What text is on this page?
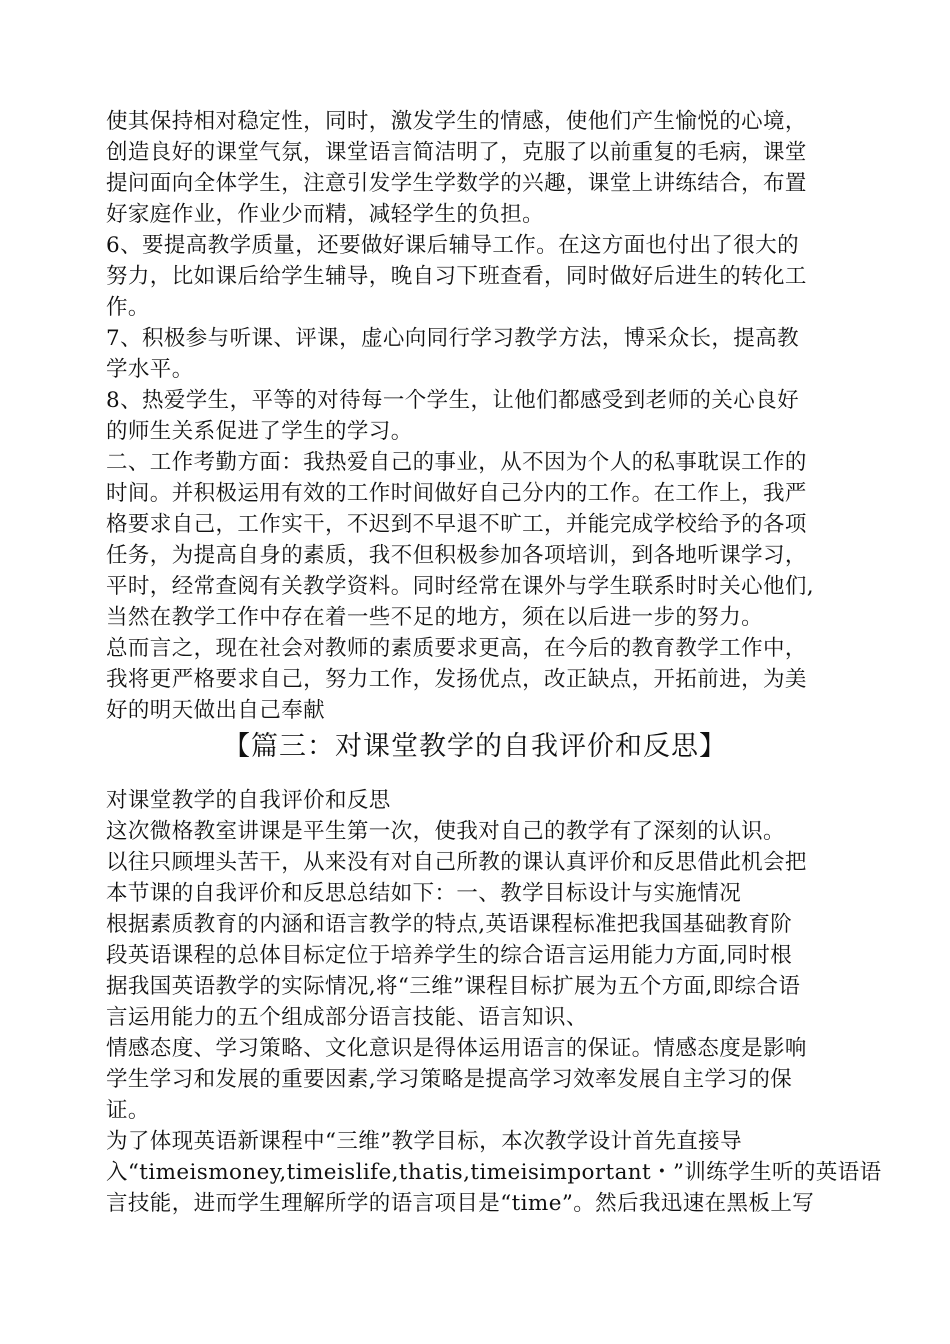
使其保持相对稳定性，同时，激发学生的情感，使他们产生愉悦的心境，
创造良好的课堂气氛，课堂语言简洁明了，克服了以前重复的毛病，课堂
提问面向全体学生，注意引发学生学数学的兴趣，课堂上讲练结合，布置
好家庭作业，作业少而精，减轻学生的负担。
6、要提高教学质量，还要做好课后辅导工作。在这方面也付出了很大的
努力，比如课后给学生辅导，晚自习下班查看，同时做好后进生的转化工
作。
7、积极参与听课、评课，虚心向同行学习教学方法，博采众长，提高教
学水平。
8、热爱学生，平等的对待每一个学生，让他们都感受到老师的关心良好
的师生关系促进了学生的学习。
二、工作考勤方面：我热爱自己的事业，从不因为个人的私事耽误工作的
时间。并积极运用有效的工作时间做好自己分内的工作。在工作上，我严
格要求自己，工作实干，不迟到不早退不旷工，并能完成学校给予的各项
任务，为提高自身的素质，我不但积极参加各项培训，到各地听课学习，
平时，经常查阅有关教学资料。同时经常在课外与学生联系时时关心他们,
当然在教学工作中存在着一些不足的地方，须在以后进一步的努力。
总而言之，现在社会对教师的素质要求更高，在今后的教育教学工作中，
我将更严格要求自己，努力工作，发扬优点，改正缺点，开拓前进，为美
好的明天做出自己奉献
【篇三：对课堂教学的自我评价和反思】
对课堂教学的自我评价和反思
这次微格教室讲课是平生第一次，使我对自己的教学有了深刻的认识。
以往只顾埋头苦干，从来没有对自己所教的课认真评价和反思借此机会把
本节课的自我评价和反思总结如下：一、教学目标设计与实施情况
根据素质教育的内涵和语言教学的特点,英语课程标准把我国基础教育阶
段英语课程的总体目标定位于培养学生的综合语言运用能力方面,同时根
据我国英语教学的实际情况,将“三维”课程目标扩展为五个方面,即综合语
言运用能力的五个组成部分语言技能、语言知识、
情感态度、学习策略、文化意识是得体运用语言的保证。情感态度是影响
学生学习和发展的重要因素,学习策略是提高学习效率发展自主学习的保
证。
为了体现英语新课程中“三维”教学目标，本次教学设计首先直接导
入“timeismoney,timeislife,thatis,timeisimportant・”训练学生听的英语语
言技能，进而学生理解所学的语言项目是“time”。然后我迅速在黑板上写
